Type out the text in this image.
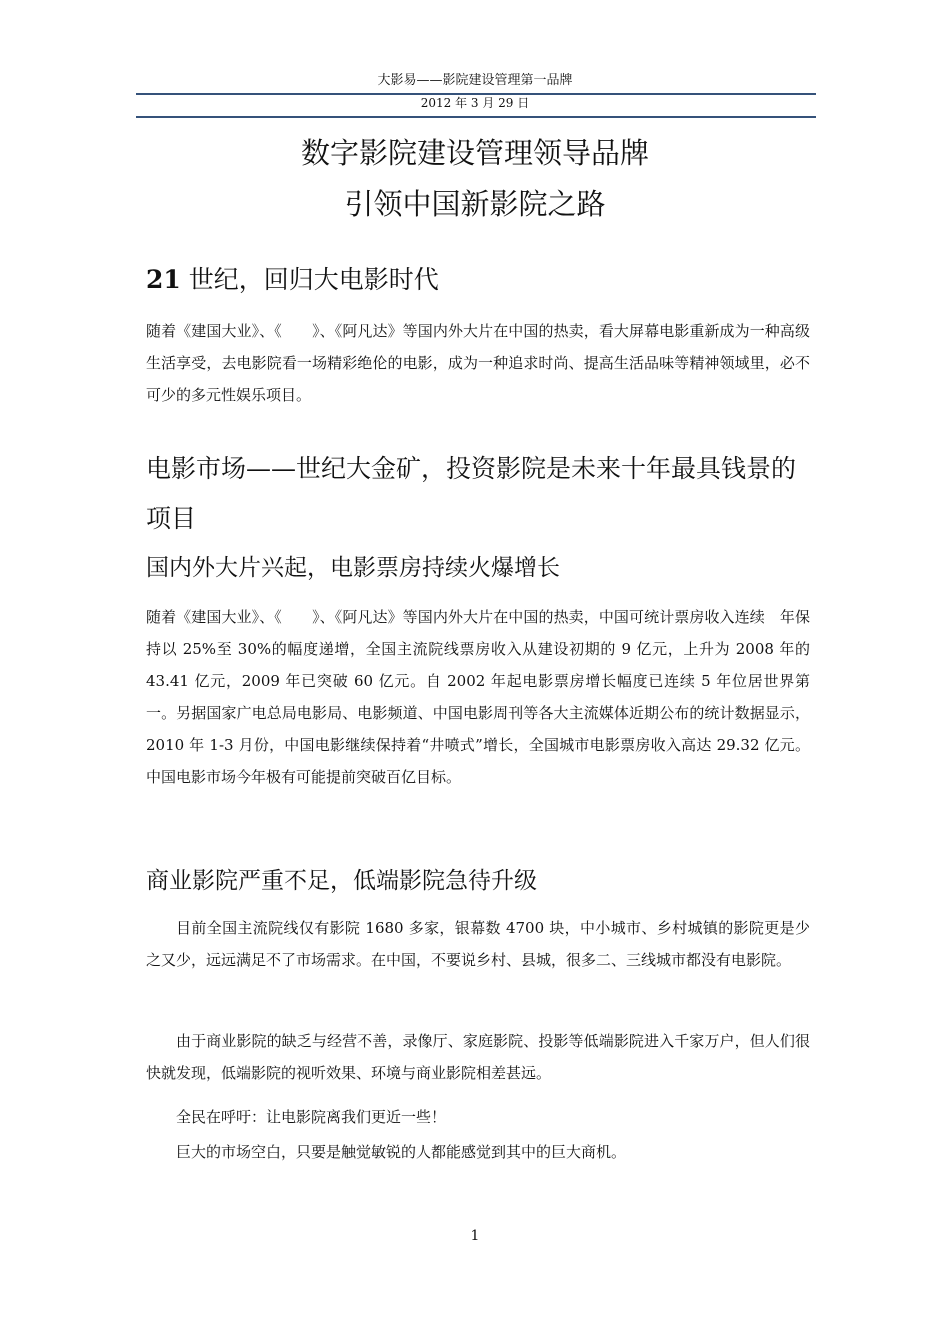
大影易——影院建设管理第一品牌
2012 年 3 月 29 日
数字影院建设管理领导品牌
引领中国新影院之路
21 世纪，回归大电影时代

随着《建国大业》、《　　》、《阿凡达》等国内外大片在中国的热卖，看大屏幕电影重新成为一种高级生活享受，去电影院看一场精彩绝伦的电影，成为一种追求时尚、提高生活品味等精神领域里，必不可少的多元性娱乐项目。

电影市场——世纪大金矿，投资影院是未来十年最具钱景的项目
国内外大片兴起，电影票房持续火爆增长

随着《建国大业》、《　　》、《阿凡达》等国内外大片在中国的热卖，中国可统计票房收入连续　年保持以 25%至 30%的幅度递增，全国主流院线票房收入从建设初期的 9 亿元，上升为 2008 年的 43.41 亿元，2009 年已突破 60 亿元。自 2002 年起电影票房增长幅度已连续 5 年位居世界第一。另据国家广电总局电影局、电影频道、中国电影周刊等各大主流媒体近期公布的统计数据显示，2010 年 1-3 月份，中国电影继续保持着“井喷式”增长，全国城市电影票房收入高达 29.32 亿元。中国电影市场今年极有可能提前突破百亿目标。

商业影院严重不足，低端影院急待升级

目前全国主流院线仅有影院 1680 多家，银幕数 4700 块，中小城市、乡村城镇的影院更是少之又少，远远满足不了市场需求。在中国，不要说乡村、县城，很多二、三线城市都没有电影院。

由于商业影院的缺乏与经营不善，录像厅、家庭影院、投影等低端影院进入千家万户，但人们很快就发现，低端影院的视听效果、环境与商业影院相差甚远。

全民在呼吁：让电影院离我们更近一些！

巨大的市场空白，只要是触觉敏锐的人都能感觉到其中的巨大商机。

1
